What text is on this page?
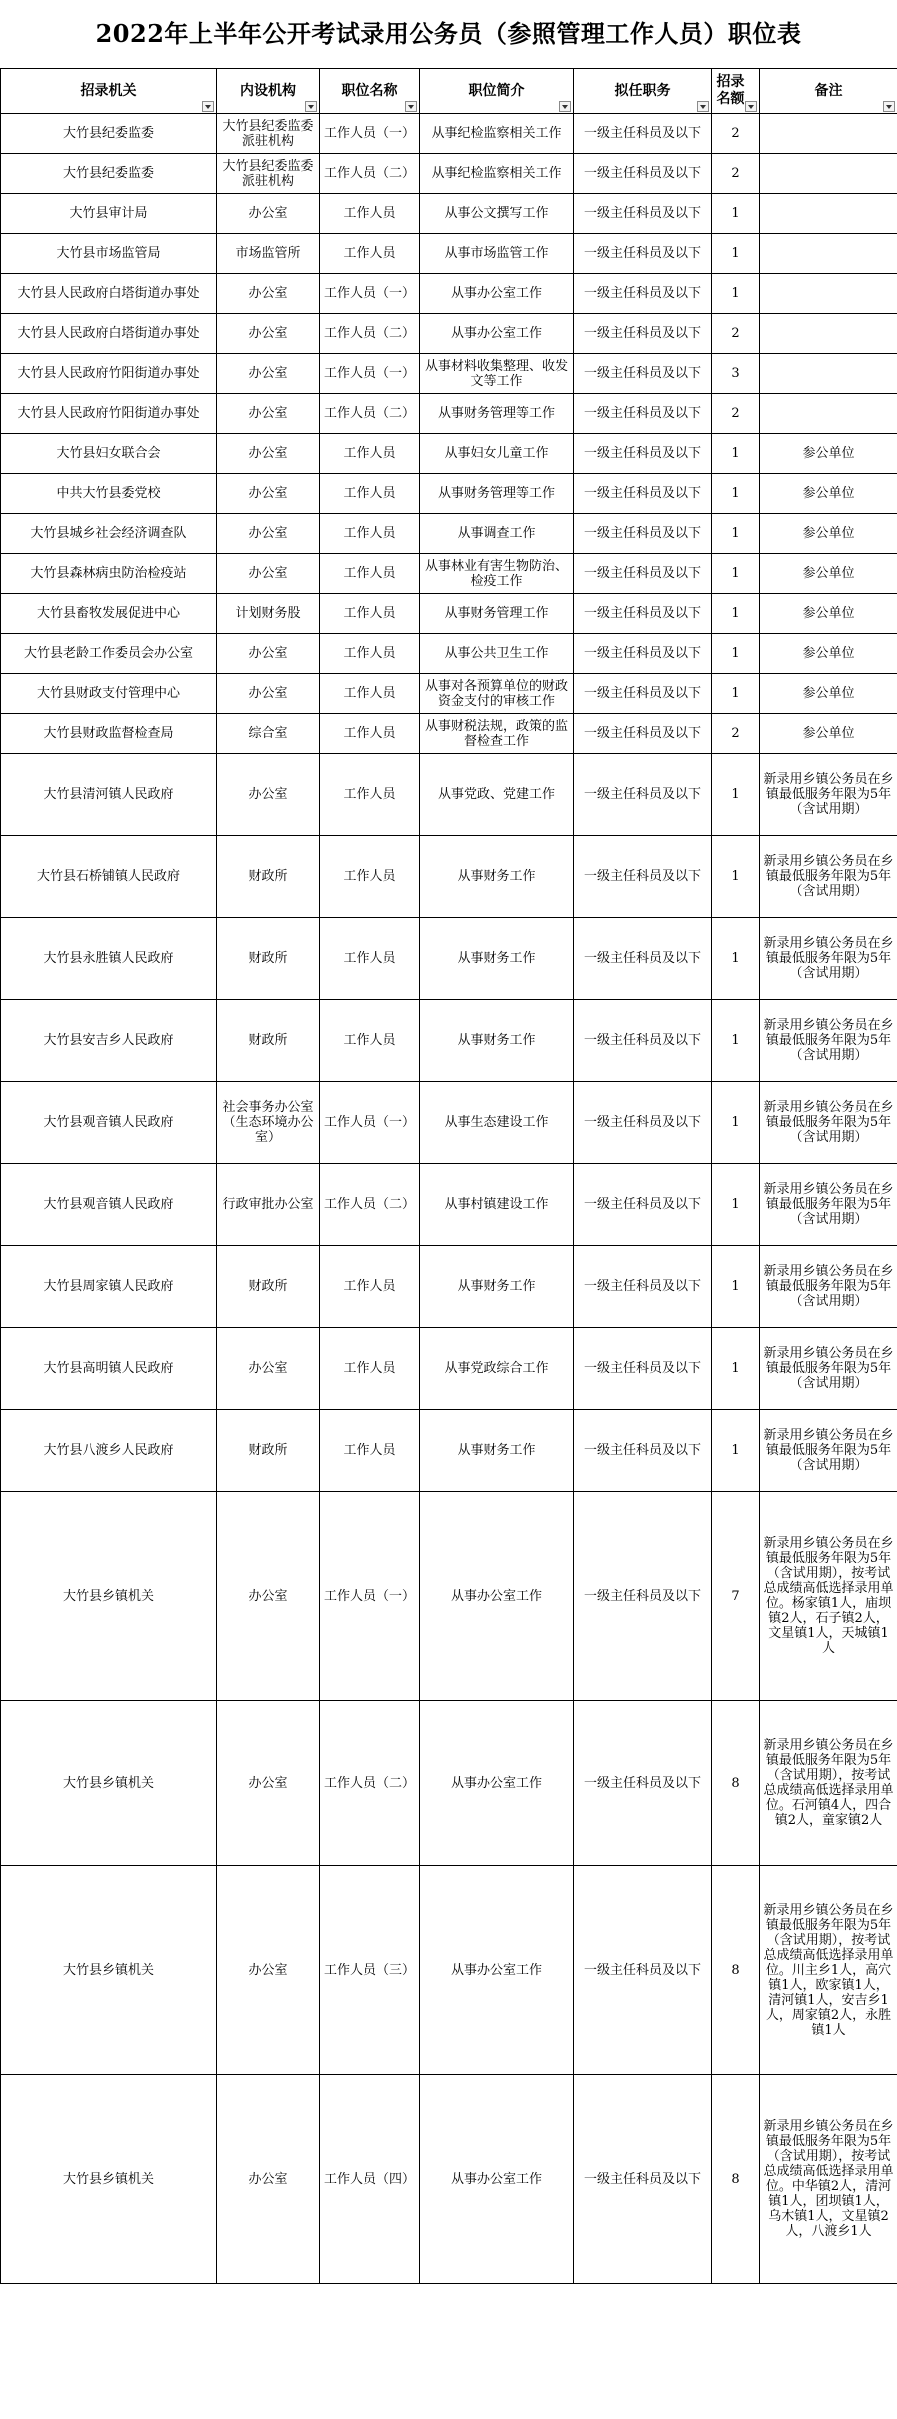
2022年上半年公开考试录用公务员（参照管理工作人员）职位表
招录机关	内设机构	职位名称	职位简介	拟任职务	招录名额	备注

大竹县纪委监委	大竹县纪委监委派驻机构	工作人员（一）	从事纪检监察相关工作	一级主任科员及以下	2	
大竹县纪委监委	大竹县纪委监委派驻机构	工作人员（二）	从事纪检监察相关工作	一级主任科员及以下	2	
大竹县审计局	办公室	工作人员	从事公文撰写工作	一级主任科员及以下	1	
大竹县市场监管局	市场监管所	工作人员	从事市场监管工作	一级主任科员及以下	1	
大竹县人民政府白塔街道办事处	办公室	工作人员（一）	从事办公室工作	一级主任科员及以下	1	
大竹县人民政府白塔街道办事处	办公室	工作人员（二）	从事办公室工作	一级主任科员及以下	2	
大竹县人民政府竹阳街道办事处	办公室	工作人员（一）	从事材料收集整理、收发文等工作	一级主任科员及以下	3	
大竹县人民政府竹阳街道办事处	办公室	工作人员（二）	从事财务管理等工作	一级主任科员及以下	2	
大竹县妇女联合会	办公室	工作人员	从事妇女儿童工作	一级主任科员及以下	1	参公单位
中共大竹县委党校	办公室	工作人员	从事财务管理等工作	一级主任科员及以下	1	参公单位
大竹县城乡社会经济调查队	办公室	工作人员	从事调查工作	一级主任科员及以下	1	参公单位
大竹县森林病虫防治检疫站	办公室	工作人员	从事林业有害生物防治、检疫工作	一级主任科员及以下	1	参公单位
大竹县畜牧发展促进中心	计划财务股	工作人员	从事财务管理工作	一级主任科员及以下	1	参公单位
大竹县老龄工作委员会办公室	办公室	工作人员	从事公共卫生工作	一级主任科员及以下	1	参公单位
大竹县财政支付管理中心	办公室	工作人员	从事对各预算单位的财政资金支付的审核工作	一级主任科员及以下	1	参公单位
大竹县财政监督检查局	综合室	工作人员	从事财税法规，政策的监督检查工作	一级主任科员及以下	2	参公单位
大竹县清河镇人民政府	办公室	工作人员	从事党政、党建工作	一级主任科员及以下	1	新录用乡镇公务员在乡镇最低服务年限为5年（含试用期）
大竹县石桥铺镇人民政府	财政所	工作人员	从事财务工作	一级主任科员及以下	1	新录用乡镇公务员在乡镇最低服务年限为5年（含试用期）
大竹县永胜镇人民政府	财政所	工作人员	从事财务工作	一级主任科员及以下	1	新录用乡镇公务员在乡镇最低服务年限为5年（含试用期）
大竹县安吉乡人民政府	财政所	工作人员	从事财务工作	一级主任科员及以下	1	新录用乡镇公务员在乡镇最低服务年限为5年（含试用期）
大竹县观音镇人民政府	社会事务办公室（生态环境办公室）	工作人员（一）	从事生态建设工作	一级主任科员及以下	1	新录用乡镇公务员在乡镇最低服务年限为5年（含试用期）
大竹县观音镇人民政府	行政审批办公室	工作人员（二）	从事村镇建设工作	一级主任科员及以下	1	新录用乡镇公务员在乡镇最低服务年限为5年（含试用期）
大竹县周家镇人民政府	财政所	工作人员	从事财务工作	一级主任科员及以下	1	新录用乡镇公务员在乡镇最低服务年限为5年（含试用期）
大竹县高明镇人民政府	办公室	工作人员	从事党政综合工作	一级主任科员及以下	1	新录用乡镇公务员在乡镇最低服务年限为5年（含试用期）
大竹县八渡乡人民政府	财政所	工作人员	从事财务工作	一级主任科员及以下	1	新录用乡镇公务员在乡镇最低服务年限为5年（含试用期）
大竹县乡镇机关	办公室	工作人员（一）	从事办公室工作	一级主任科员及以下	7	新录用乡镇公务员在乡镇最低服务年限为5年（含试用期），按考试总成绩高低选择录用单位。杨家镇1人，庙坝镇2人，石子镇2人，文星镇1人，天城镇1人
大竹县乡镇机关	办公室	工作人员（二）	从事办公室工作	一级主任科员及以下	8	新录用乡镇公务员在乡镇最低服务年限为5年（含试用期），按考试总成绩高低选择录用单位。石河镇4人，四合镇2人，童家镇2人
大竹县乡镇机关	办公室	工作人员（三）	从事办公室工作	一级主任科员及以下	8	新录用乡镇公务员在乡镇最低服务年限为5年（含试用期），按考试总成绩高低选择录用单位。川主乡1人，高穴镇1人，欧家镇1人，清河镇1人，安吉乡1人，周家镇2人，永胜镇1人
大竹县乡镇机关	办公室	工作人员（四）	从事办公室工作	一级主任科员及以下	8	新录用乡镇公务员在乡镇最低服务年限为5年（含试用期），按考试总成绩高低选择录用单位。中华镇2人，清河镇1人，团坝镇1人，乌木镇1人，文星镇2人，八渡乡1人
